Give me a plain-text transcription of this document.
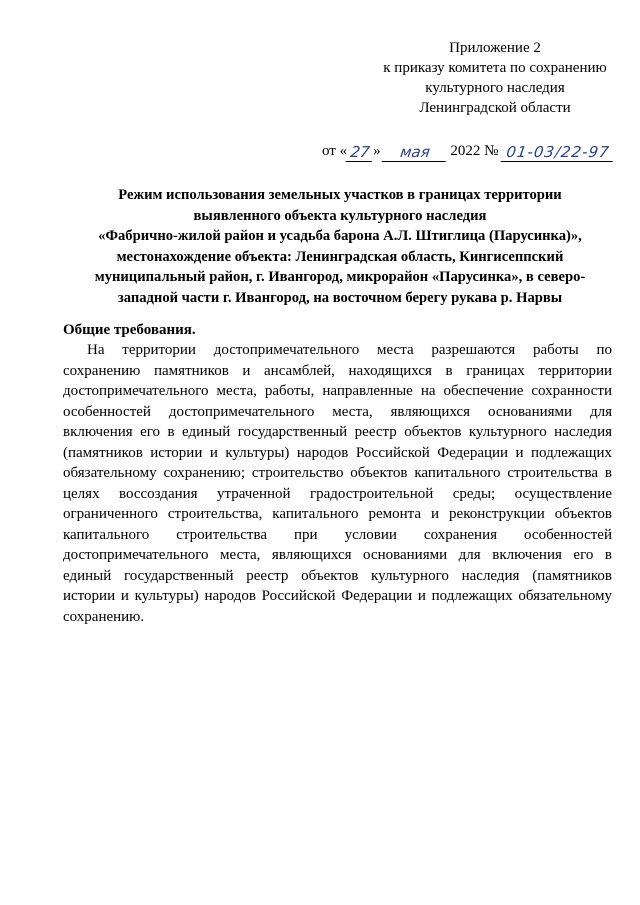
Приложение 2
к приказу комитета по сохранению
культурного наследия
Ленинградской области
от « 27 » мая 2022 № 01-03/22-97
Режим использования земельных участков в границах территории
выявленного объекта культурного наследия
«Фабрично-жилой район и усадьба барона А.Л. Штиглица (Парусинка)»,
местонахождение объекта: Ленинградская область, Кингисеппский
муниципальный район, г. Ивангород, микрорайон «Парусинка», в северо-
западной части г. Ивангород, на восточном берегу рукава р. Нарвы
Общие требования.
На территории достопримечательного места разрешаются работы по
сохранению памятников и ансамблей, находящихся в границах территории
достопримечательного места, работы, направленные на обеспечение сохранности
особенностей достопримечательного места, являющихся основаниями для
включения его в единый государственный реестр объектов культурного наследия
(памятников истории и культуры) народов Российской Федерации и подлежащих
обязательному сохранению; строительство объектов капитального строительства в
целях воссоздания утраченной градостроительной среды; осуществление
ограниченного строительства, капитального ремонта и реконструкции объектов
капитального строительства при условии сохранения особенностей
достопримечательного места, являющихся основаниями для включения его в
единый государственный реестр объектов культурного наследия (памятников
истории и культуры) народов Российской Федерации и подлежащих обязательному
сохранению.
